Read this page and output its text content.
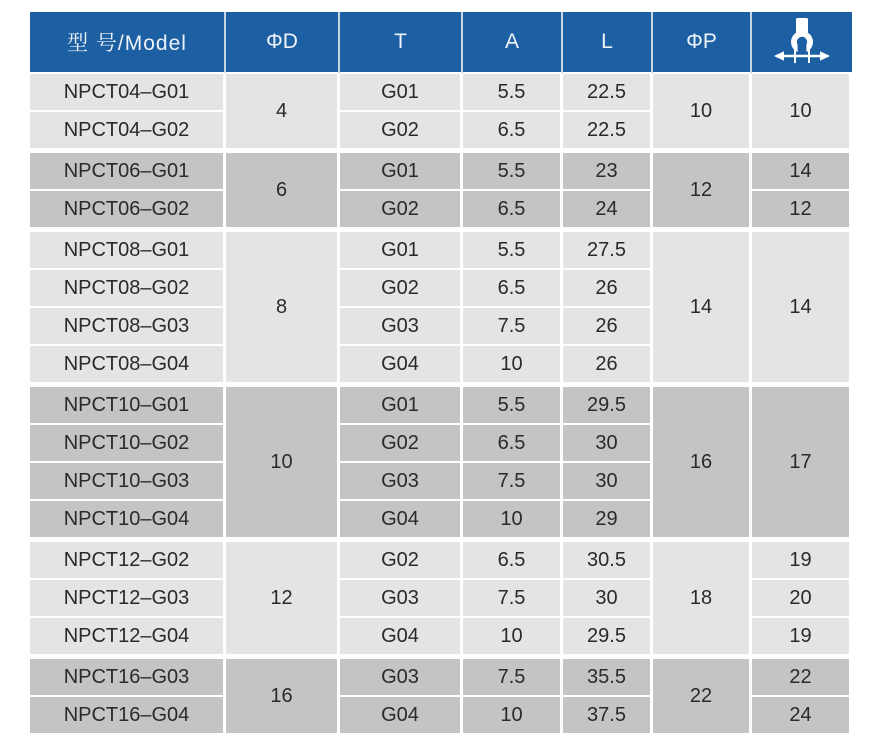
型 号/Model	ΦD	T	A	L	ΦP	

NPCT04–G01	4	G01	5.5	22.5	10	10
NPCT04–G02		G02	6.5	22.5		

NPCT06–G01	6	G01	5.5	23	12	14
NPCT06–G02		G02	6.5	24		12

NPCT08–G01	8	G01	5.5	27.5	14	14
NPCT08–G02		G02	6.5	26		
NPCT08–G03		G03	7.5	26		
NPCT08–G04		G04	10	26		

NPCT10–G01	10	G01	5.5	29.5	16	17
NPCT10–G02		G02	6.5	30		
NPCT10–G03		G03	7.5	30		
NPCT10–G04		G04	10	29		

NPCT12–G02	12	G02	6.5	30.5	18	19
NPCT12–G03		G03	7.5	30		20
NPCT12–G04		G04	10	29.5		19

NPCT16–G03	16	G03	7.5	35.5	22	22
NPCT16–G04		G04	10	37.5		24
